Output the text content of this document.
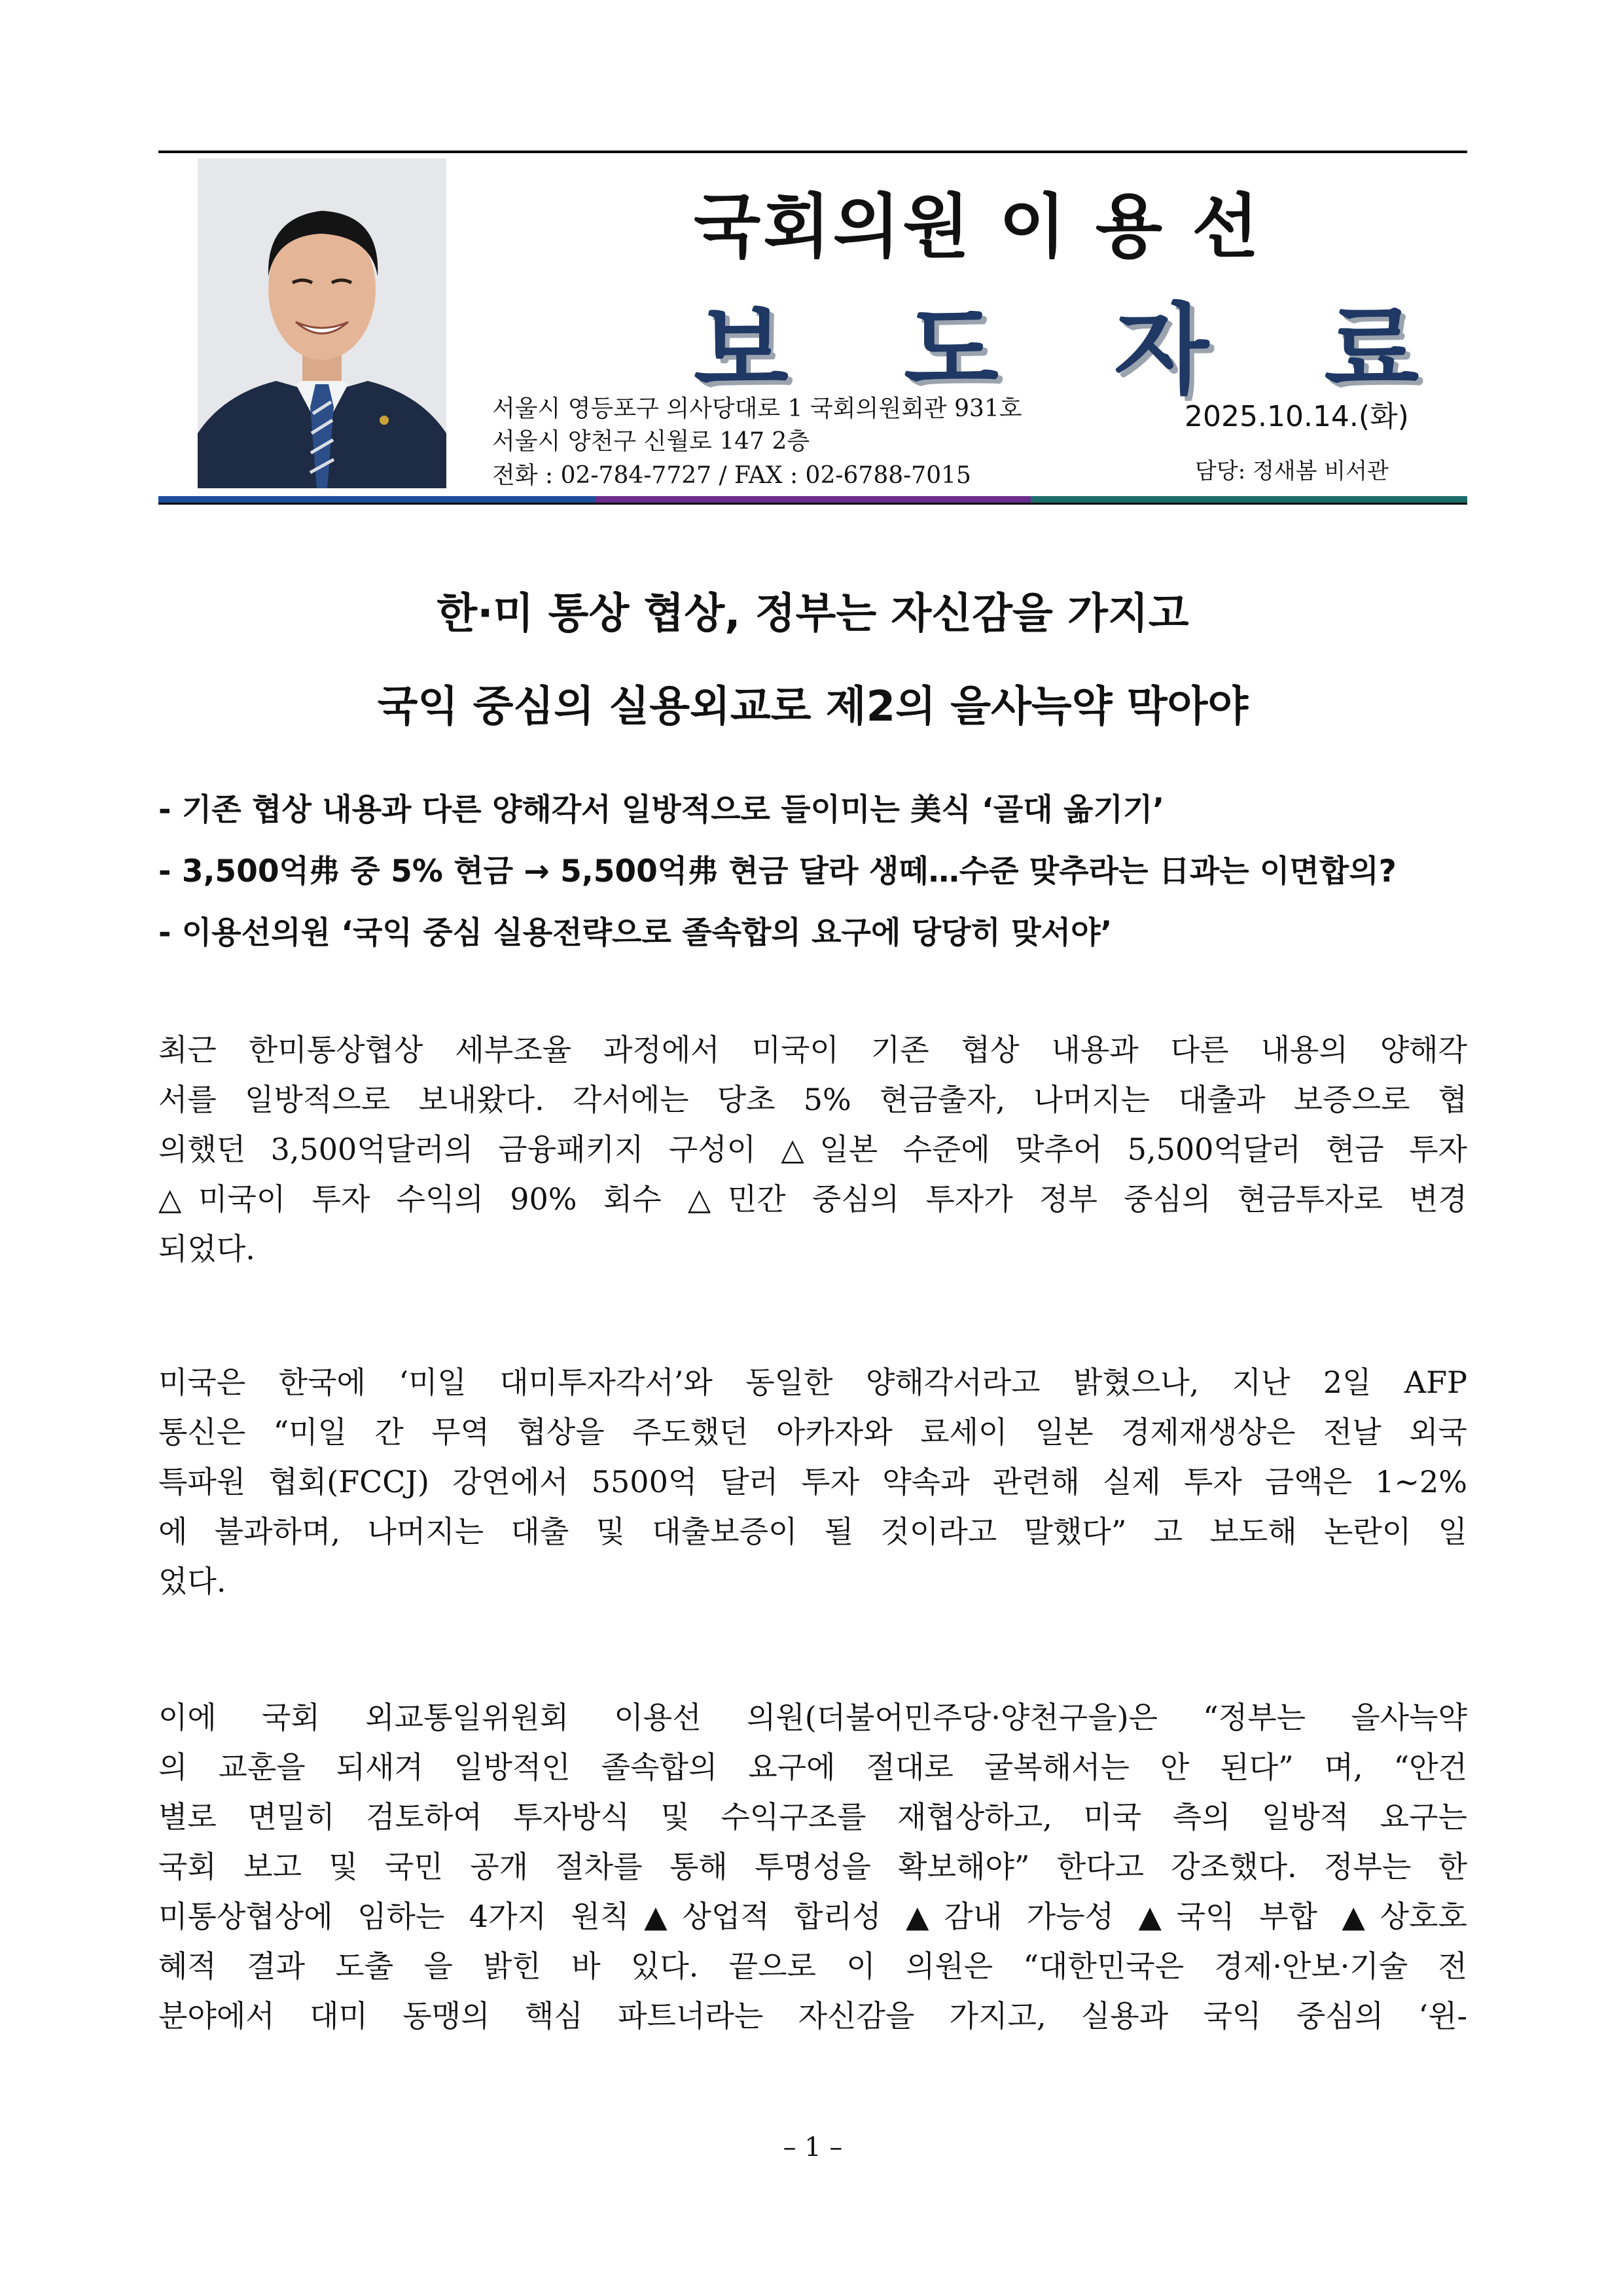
국회의원 이 용 선
보 도 자 료
서울시 영등포구 의사당대로 1 국회의원회관 931호
서울시 양천구 신월로 147 2층
전화 : 02-784-7727 / FAX : 02-6788-7015
2025.10.14.(화)
담당: 정새봄 비서관
한·미 통상 협상, 정부는 자신감을 가지고
국익 중심의 실용외교로 제2의 을사늑약 막아야
- 기존 협상 내용과 다른 양해각서 일방적으로 들이미는 美식 ‘골대 옮기기’
- 3,500억弗 중 5% 현금 → 5,500억弗 현금 달라 생떼…수준 맞추라는 日과는 이면합의?
- 이용선의원 ‘국익 중심 실용전략으로 졸속합의 요구에 당당히 맞서야’
최근 한미통상협상 세부조율 과정에서 미국이 기존 협상 내용과 다른 내용의 양해각
서를 일방적으로 보내왔다. 각서에는 당초 5% 현금출자, 나머지는 대출과 보증으로 협
의했던 3,500억달러의 금융패키지 구성이 △일본 수준에 맞추어 5,500억달러 현금 투자
△미국이 투자 수익의 90% 회수 △민간 중심의 투자가 정부 중심의 현금투자로 변경
되었다.
미국은 한국에 ‘미일 대미투자각서’와 동일한 양해각서라고 밝혔으나, 지난 2일 AFP
통신은 “미일 간 무역 협상을 주도했던 아카자와 료세이 일본 경제재생상은 전날 외국
특파원 협회(FCCJ) 강연에서 5500억 달러 투자 약속과 관련해 실제 투자 금액은 1~2%
에 불과하며, 나머지는 대출 및 대출보증이 될 것이라고 말했다” 고 보도해 논란이 일
었다.
이에 국회 외교통일위원회 이용선 의원(더불어민주당·양천구을)은 “정부는 을사늑약
의 교훈을 되새겨 일방적인 졸속합의 요구에 절대로 굴복해서는 안 된다” 며, “안건
별로 면밀히 검토하여 투자방식 및 수익구조를 재협상하고, 미국 측의 일방적 요구는
국회 보고 및 국민 공개 절차를 통해 투명성을 확보해야” 한다고 강조했다. 정부는 한
미통상협상에 임하는 4가지 원칙▲상업적 합리성 ▲감내 가능성 ▲국익 부합 ▲상호호
혜적 결과 도출 을 밝힌 바 있다. 끝으로 이 의원은 “대한민국은 경제·안보·기술 전
분야에서 대미 동맹의 핵심 파트너라는 자신감을 가지고, 실용과 국익 중심의 ‘윈-
– 1 –
